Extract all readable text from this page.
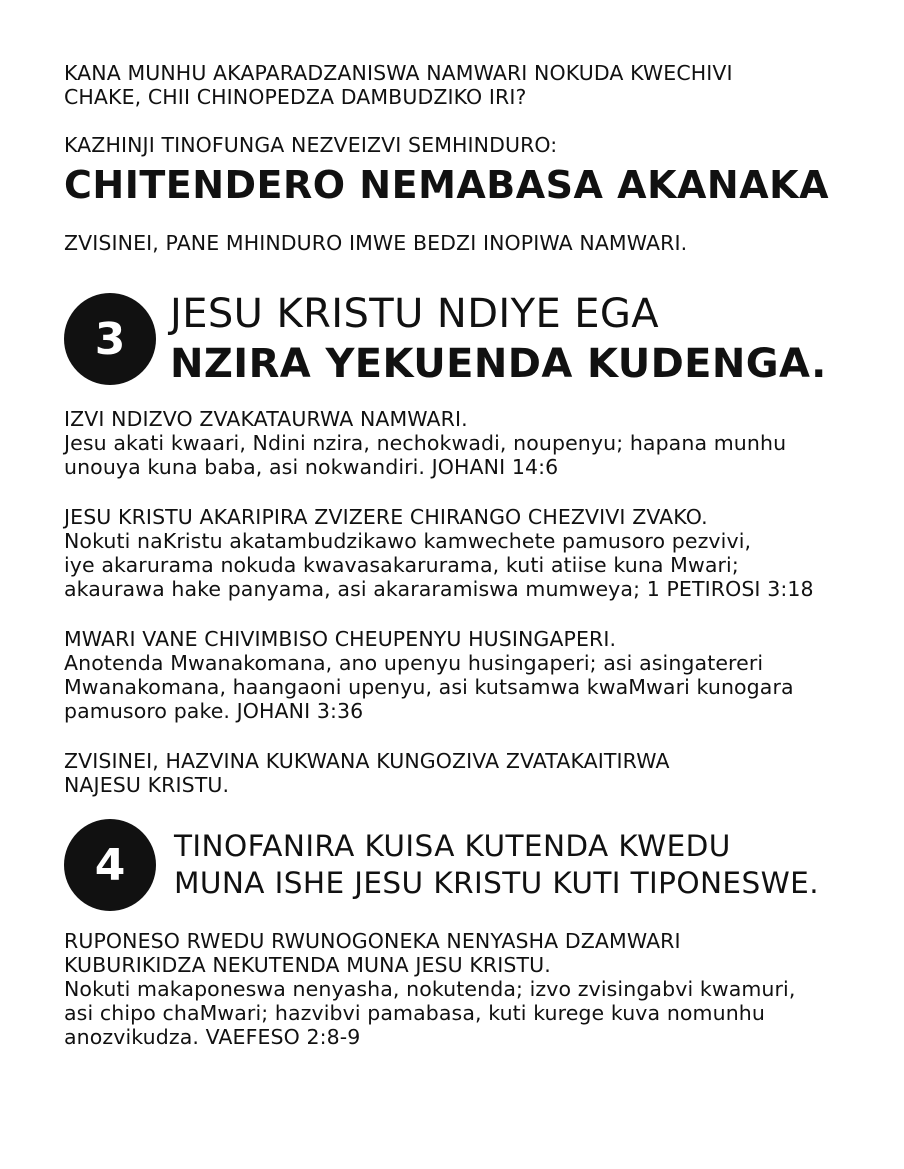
KANA MUNHU AKAPARADZANISWA NAMWARI NOKUDA KWECHIVI
CHAKE, CHII CHINOPEDZA DAMBUDZIKO IRI?

KAZHINJI TINOFUNGA NEZVEIZVI SEMHINDURO:

CHITENDERO NEMABASA AKANAKA

ZVISINEI, PANE MHINDURO IMWE BEDZI INOPIWA NAMWARI.

3	JESU KRISTU NDIYE EGA
NZIRA YEKUENDA KUDENGA.
IZVI NDIZVO ZVAKATAURWA NAMWARI.
Jesu akati kwaari, Ndini nzira, nechokwadi, noupenyu; hapana munhu
unouya kuna baba, asi nokwandiri. JOHANI 14:6
JESU KRISTU AKARIPIRA ZVIZERE CHIRANGO CHEZVIVI ZVAKO.
Nokuti naKristu akatambudzikawo kamwechete pamusoro pezvivi,
iye akarurama nokuda kwavasakarurama, kuti atiise kuna Mwari;
akaurawa hake panyama, asi akararamiswa mumweya; 1 PETIROSI 3:18
MWARI VANE CHIVIMBISO CHEUPENYU HUSINGAPERI.
Anotenda Mwanakomana, ano upenyu husingaperi; asi asingatereri
Mwanakomana, haangaoni upenyu, asi kutsamwa kwaMwari kunogara
pamusoro pake. JOHANI 3:36
ZVISINEI, HAZVINA KUKWANA KUNGOZIVA ZVATAKAITIRWA
NAJESU KRISTU.
4	TINOFANIRA KUISA KUTENDA KWEDU
MUNA ISHE JESU KRISTU KUTI TIPONESWE.
RUPONESO RWEDU RWUNOGONEKA NENYASHA DZAMWARI
KUBURIKIDZA NEKUTENDA MUNA JESU KRISTU.
Nokuti makaponeswa nenyasha, nokutenda; izvo zvisingabvi kwamuri,
asi chipo chaMwari; hazvibvi pamabasa, kuti kurege kuva nomunhu
anozvikudza. VAEFESO 2:8-9
